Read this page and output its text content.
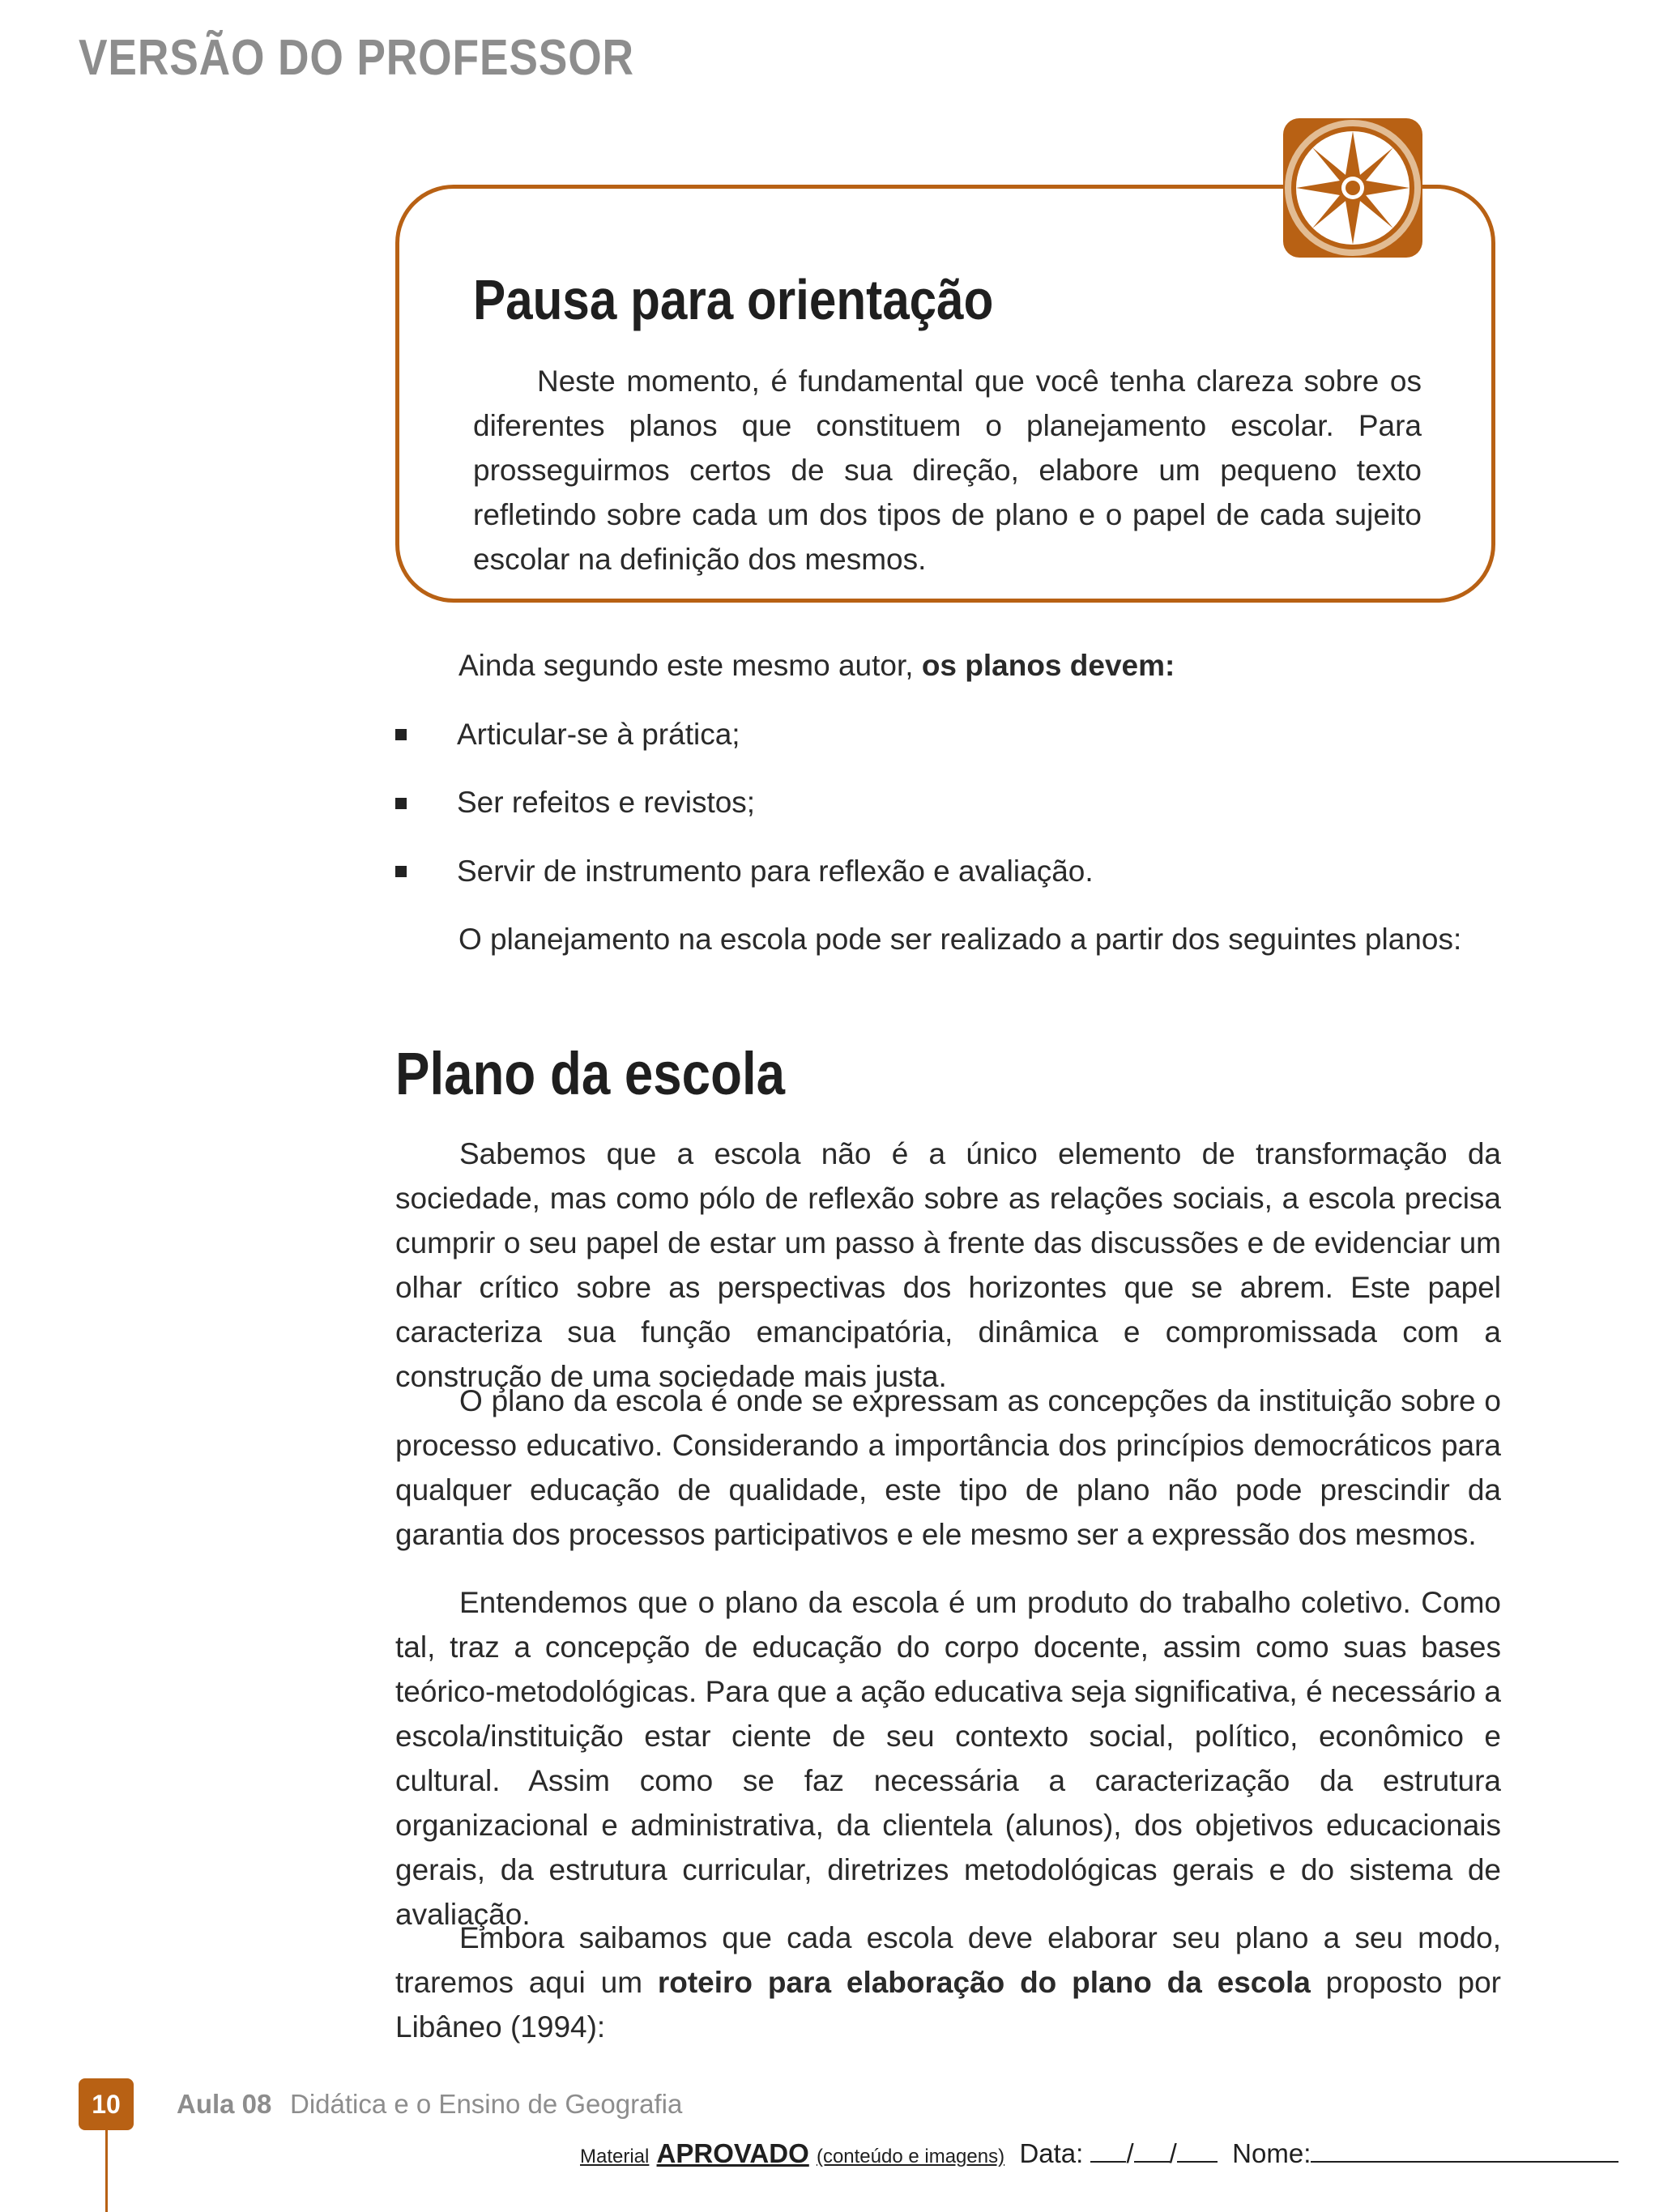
VERSÃO DO PROFESSOR
Pausa para orientação
Neste momento, é fundamental que você tenha clareza sobre os diferentes planos que constituem o planejamento escolar. Para prosseguirmos certos de sua direção, elabore um pequeno texto refletindo sobre cada um dos tipos de plano e o papel de cada sujeito escolar na definição dos mesmos.
Ainda segundo este mesmo autor, os planos devem:
Articular-se à prática;
Ser refeitos e revistos;
Servir de instrumento para reflexão e avaliação.
O planejamento na escola pode ser realizado a partir dos seguintes planos:
Plano da escola
Sabemos que a escola não é a único elemento de transformação da sociedade, mas como pólo de reflexão sobre as relações sociais, a escola precisa cumprir o seu papel de estar um passo à frente das discussões e de evidenciar um olhar crítico sobre as perspectivas dos horizontes que se abrem. Este papel caracteriza sua função emancipatória, dinâmica e compromissada com a construção de uma sociedade mais justa.
O plano da escola é onde se expressam as concepções da instituição sobre o processo educativo. Considerando a importância dos princípios democráticos para qualquer educação de qualidade, este tipo de plano não pode prescindir da garantia dos processos participativos e ele mesmo ser a expressão dos mesmos.
Entendemos que o plano da escola é um produto do trabalho coletivo. Como tal, traz a concepção de educação do corpo docente, assim como suas bases teórico-metodológicas. Para que a ação educativa seja significativa, é necessário a escola/instituição estar ciente de seu contexto social, político, econômico e cultural. Assim como se faz necessária a caracterização da estrutura organizacional e administrativa, da clientela (alunos), dos objetivos educacionais gerais, da estrutura curricular, diretrizes metodológicas gerais e do sistema de avaliação.
Embora saibamos que cada escola deve elaborar seu plano a seu modo, traremos aqui um roteiro para elaboração do plano da escola proposto por Libâneo (1994):
10	Aula 08 Didática e o Ensino de Geografia
Material APROVADO (conteúdo e imagens) Data: / / Nome:
